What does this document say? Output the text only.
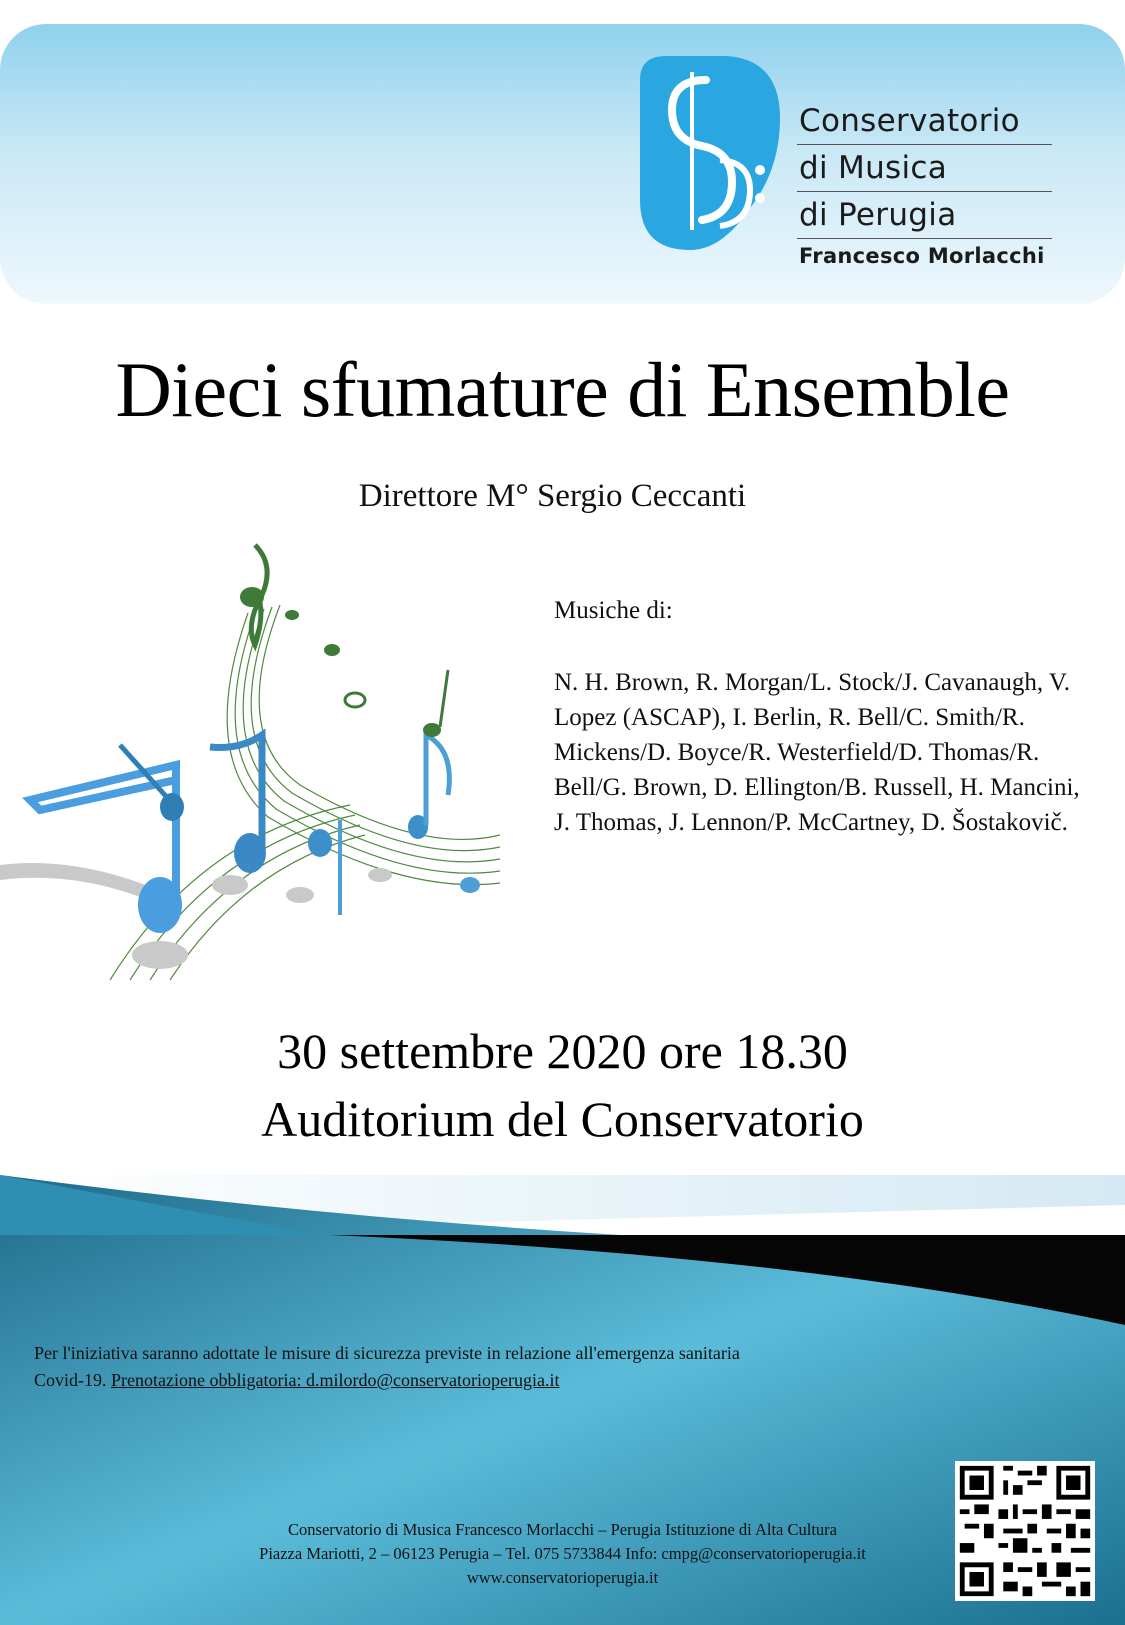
Conservatorio
di Musica
di Perugia
Francesco Morlacchi
Dieci sfumature di Ensemble
Direttore M° Sergio Ceccanti
Musiche di:
N. H. Brown, R. Morgan/L. Stock/J. Cavanaugh, V. Lopez (ASCAP), I. Berlin, R. Bell/C. Smith/R. Mickens/D. Boyce/R. Westerfield/D. Thomas/R. Bell/G. Brown, D. Ellington/B. Russell, H. Mancini, J. Thomas, J. Lennon/P. McCartney, D. Šostakovič.
30 settembre 2020 ore 18.30
Auditorium del Conservatorio
Per l'iniziativa saranno adottate le misure di sicurezza previste in relazione all'emergenza sanitaria Covid-19. Prenotazione obbligatoria: d.milordo@conservatorioperugia.it
Conservatorio di Musica Francesco Morlacchi – Perugia Istituzione di Alta Cultura
Piazza Mariotti, 2 – 06123 Perugia – Tel. 075 5733844 Info: cmpg@conservatorioperugia.it
www.conservatorioperugia.it
